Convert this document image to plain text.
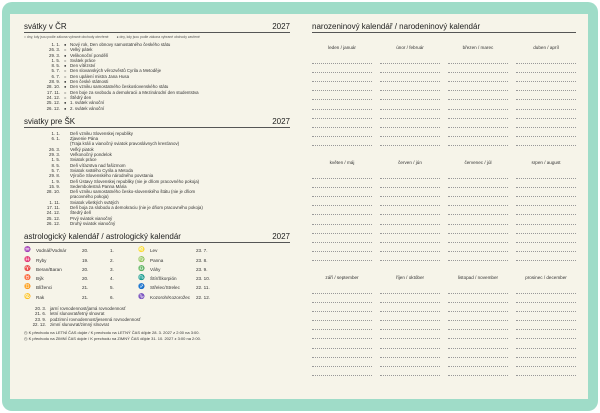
svátky v ČR	2027
= dny, kdy jsou podle zákona vybrané obchody otevřené ● dny, kdy jsou podle zákona vybrané obchody zavřené
1. 1.	● Nový rok, Den obnovy samostatného českého státu
26. 3.	= Velký pátek
29. 3.	● Velikonoční pondělí
1. 5.	= Svátek práce
8. 5.	● Den vítězství
5. 7.	= Den slovanských věrozvěstů Cyrila a Metoděje
6. 7.	= Den upálení mistra Jana Husa
28. 9.	● Den české státnosti
28. 10.	● Den vzniku samostatného československého státu
17. 11.	= Den boje za svobodu a demokracii a Mezinárodní den studentstva
24. 12.	= Štědrý den
25. 12.	● 1. svátek vánoční
26. 12.	● 2. svátek vánoční
sviatky pre ŠK	2027
1. 1.	Deň vzniku Slovenskej republiky
6. 1.	Zjavenie Pána
(Traja králi a vianočný sviatok pravoslávnych kresťanov)
26. 3.	Veľký piatok
29. 3.	Veľkonočný pondelok
1. 5.	Sviatok práce
8. 5.	Deň víťazstva nad fašizmom
5. 7.	Sviatok svätého Cyrila a Metoda
29. 8.	Výročie Slovenského národného povstania
1. 9.	Deň Ústavy Slovenskej republiky (nie je dňom pracovného pokoja)
15. 9.	Sedembolestná Panna Mária
28. 10.	Deň vzniku samostatného česko-slovenského štátu (nie je dňom
pracovného pokoja)
1. 11.	Sviatok všetkých svätých
17. 11.	Deň boja za slobodu a demokraciu (nie je dňom pracovného pokoja)
24. 12.	Štedrý deň
25. 12.	Prvý sviatok vianočný
26. 12.	Druhý sviatok vianočný
astrologický kalendář / astrologický kalendár	2027
♒	Vodnář/Vodnár	20.	1.	♌	Lev	23. 7.
♓	Ryby	19.	2.	♍	Panna	23. 8.
♈	Beran/Baran	20.	3.	♎	Váhy	23. 9.
♉	Býk	20.	4.	♏	Štír/Škorpión	23. 10.
♊	Blíženci	21.	5.	♐	Střelec/Strelec	22. 11.
♋	Rak	21.	6.	♑	Kozoroh/Kozorožec	22. 12.
20. 3. jarní rovnodennost/jarná rovnodennosť
21. 6. letní slunovrat/letný slnovrat
23. 9. podzimní rovnodennost/jesenná rovnodennosť
22. 12. zimní slunovrat/zimný slnovrat
◷ K přechodu na LETNÍ ČAS dojde / K prechodu na LETNÝ ČAS dôjde 28. 3. 2027 z 2:00 na 3:00.
◷ K přechodu na ZIMNÍ ČAS dojde / K prechodu na ZIMNÝ ČAS dôjde 31. 10. 2027 z 3:00 na 2:00.
narozeninový kalendář / narodeninový kalendár
leden / január	únor / február	březen / marec	duben / apríl
květen / máj	červen / jún	červenec / júl	srpen / august
září / september	říjen / október	listopad / november	prosinec / december
